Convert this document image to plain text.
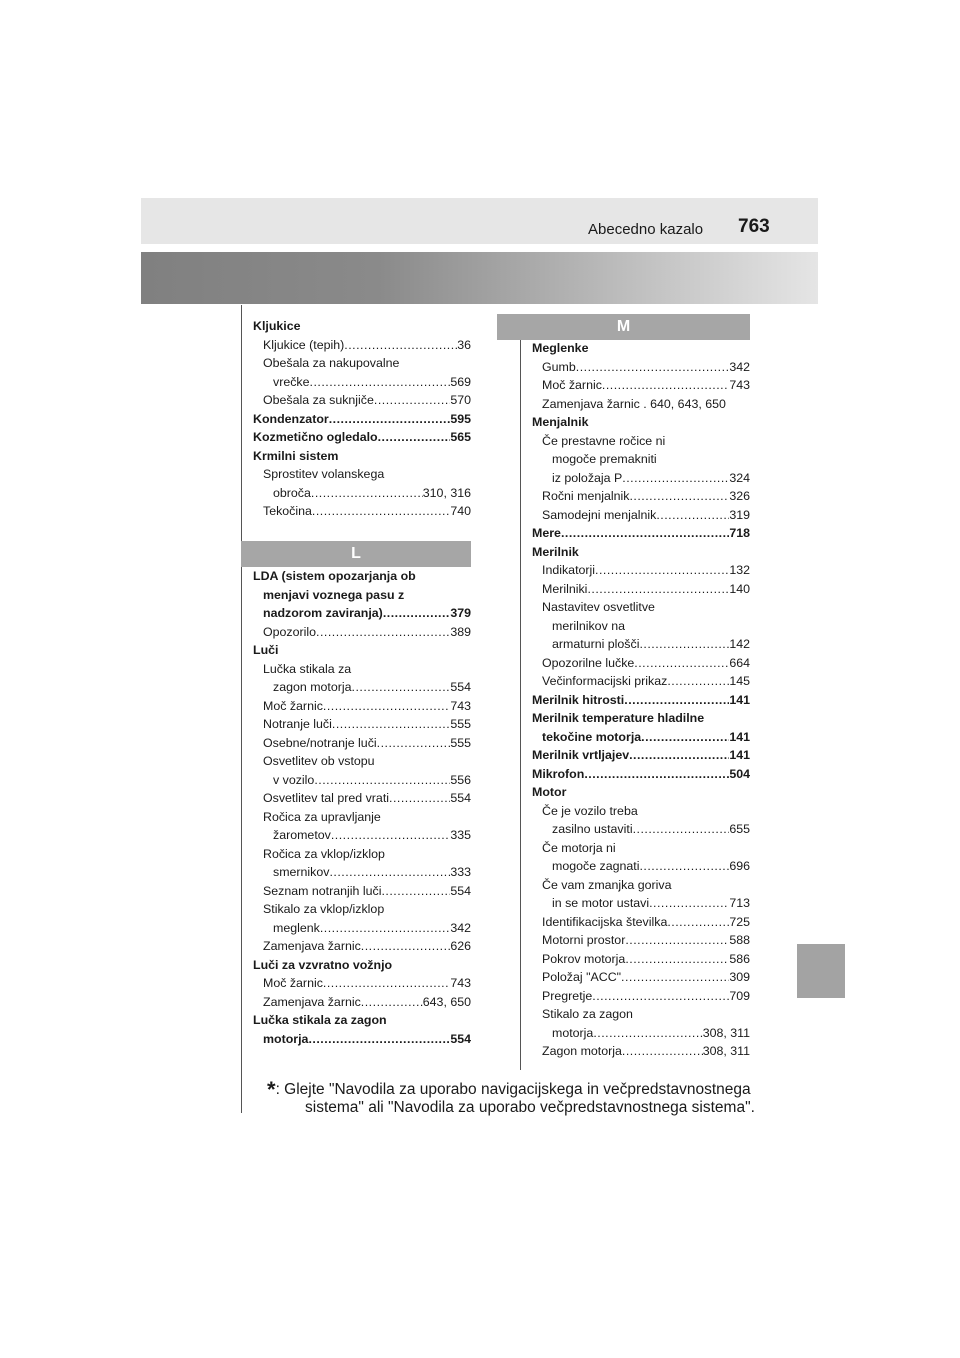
Abecedno kazalo 763
L
M
Kljukice
Kljukice (tepih) .....	36
Obešala za nakupovalne
vrečke .....	569
Obešala za suknjiče .....	570
Kondenzator .....	595
Kozmetično ogledalo .....	565
Krmilni sistem
Sprostitev volanskega
obroča .....	310, 316
Tekočina .....	740
LDA (sistem opozarjanja ob
menjavi voznega pasu z
nadzorom zaviranja) .....	379
Opozorilo .....	389
Luči
Lučka stikala za
zagon motorja .....	554
Moč žarnic .....	743
Notranje luči .....	555
Osebne/notranje luči .....	555
Osvetlitev ob vstopu
v vozilo .....	556
Osvetlitev tal pred vrati .....	554
Ročica za upravljanje
žarometov .....	335
Ročica za vklop/izklop
smernikov .....	333
Seznam notranjih luči .....	554
Stikalo za vklop/izklop
meglenk .....	342
Zamenjava žarnic .....	626
Luči za vzvratno vožnjo
Moč žarnic .....	743
Zamenjava žarnic .....	643, 650
Lučka stikala za zagon
motorja .....	554
Meglenke
Gumb .....	342
Moč žarnic .....	743
Zamenjava žarnic . 640, 643, 650
Menjalnik
Če prestavne ročice ni
mogoče premakniti
iz položaja P .....	324
Ročni menjalnik .....	326
Samodejni menjalnik .....	319
Mere .....	718
Merilnik
Indikatorji .....	132
Merilniki .....	140
Nastavitev osvetlitve
merilnikov na
armaturni plošči .....	142
Opozorilne lučke .....	664
Večinformacijski prikaz .....	145
Merilnik hitrosti .....	141
Merilnik temperature hladilne
tekočine motorja .....	141
Merilnik vrtljajev .....	141
Mikrofon .....	504
Motor
Če je vozilo treba
zasilno ustaviti .....	655
Če motorja ni
mogoče zagnati .....	696
Če vam zmanjka goriva
in se motor ustavi .....	713
Identifikacijska številka .....	725
Motorni prostor .....	588
Pokrov motorja .....	586
Položaj "ACC" .....	309
Pregretje .....	709
Stikalo za zagon
motorja .....	308, 311
Zagon motorja .....	308, 311
*: Glejte "Navodila za uporabo navigacijskega in večpredstavnostnega
sistema" ali "Navodila za uporabo večpredstavnostnega sistema".
